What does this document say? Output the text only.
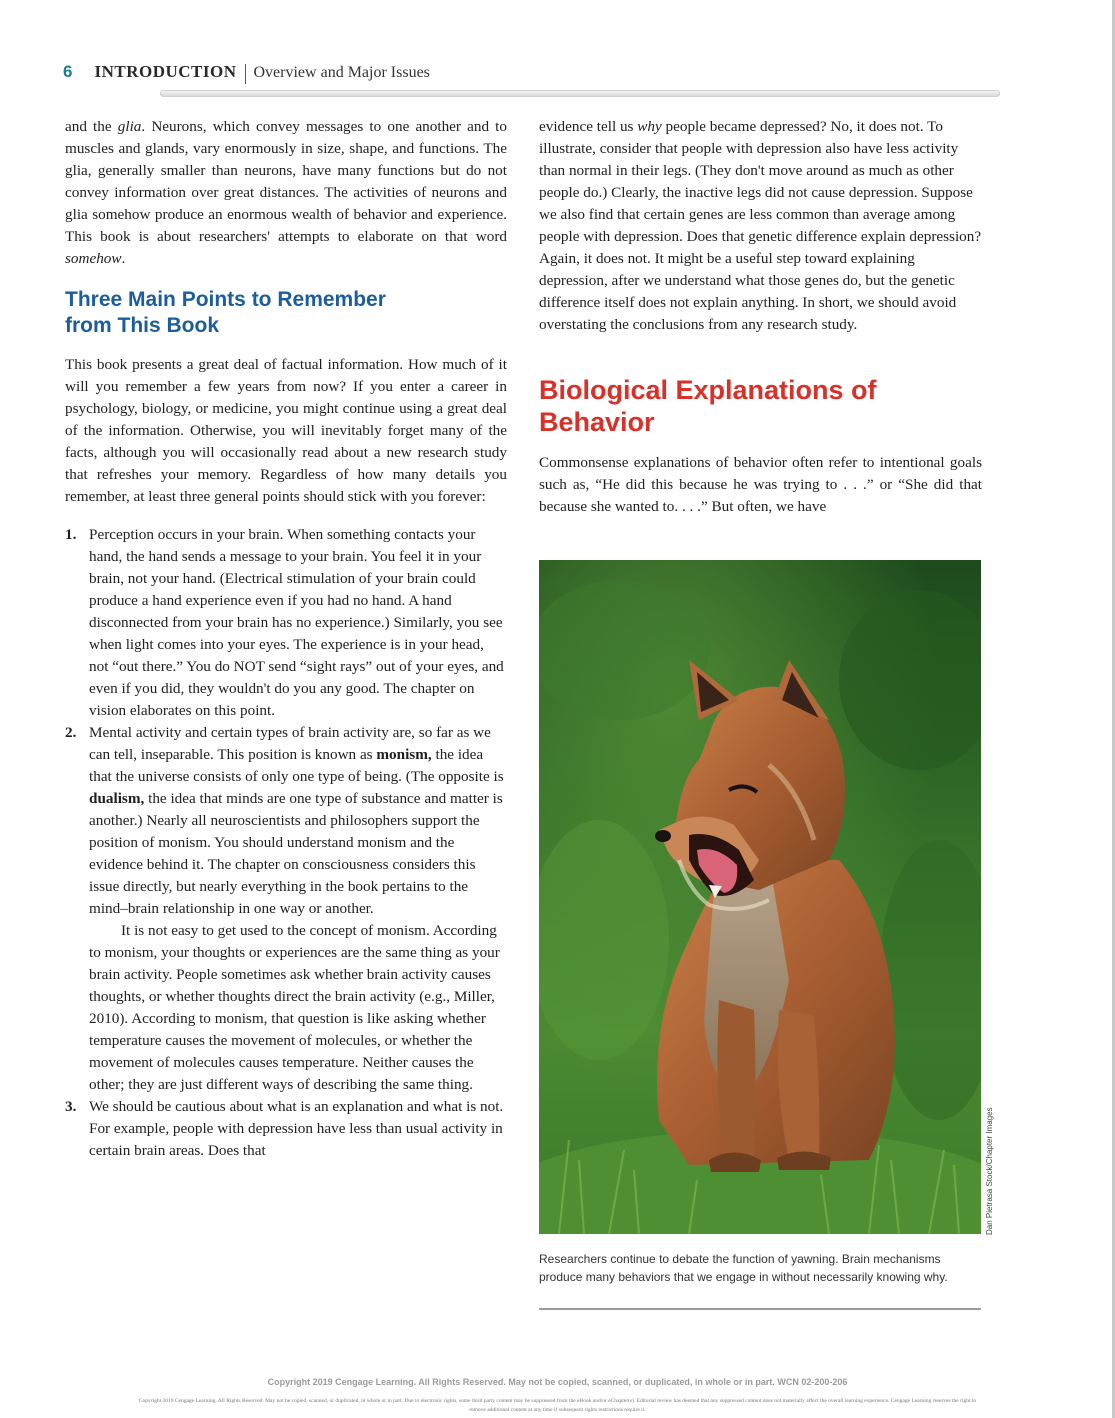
6 INTRODUCTION Overview and Major Issues

and the glia. Neurons, which convey messages to one another and to muscles and glands, vary enormously in size, shape, and functions. The glia, generally smaller than neurons, have many functions but do not convey information over great distances. The activities of neurons and glia somehow produce an enormous wealth of behavior and experience. This book is about researchers' attempts to elaborate on that word somehow.

Three Main Points to Remember from This Book

This book presents a great deal of factual information. How much of it will you remember a few years from now? If you enter a career in psychology, biology, or medicine, you might continue using a great deal of the information. Otherwise, you will inevitably forget many of the facts, although you will occasionally read about a new research study that refreshes your memory. Regardless of how many details you remember, at least three general points should stick with you forever:

1. Perception occurs in your brain. When something contacts your hand, the hand sends a message to your brain. You feel it in your brain, not your hand. (Electrical stimulation of your brain could produce a hand experience even if you had no hand. A hand disconnected from your brain has no experience.) Similarly, you see when light comes into your eyes. The experience is in your head, not “out there.” You do NOT send “sight rays” out of your eyes, and even if you did, they wouldn't do you any good. The chapter on vision elaborates on this point.

2. Mental activity and certain types of brain activity are, so far as we can tell, inseparable. This position is known as monism, the idea that the universe consists of only one type of being. (The opposite is dualism, the idea that minds are one type of substance and matter is another.) Nearly all neuroscientists and philosophers support the position of monism. You should understand monism and the evidence behind it. The chapter on consciousness considers this issue directly, but nearly everything in the book pertains to the mind–brain relationship in one way or another.

It is not easy to get used to the concept of monism. According to monism, your thoughts or experiences are the same thing as your brain activity. People sometimes ask whether brain activity causes thoughts, or whether thoughts direct the brain activity (e.g., Miller, 2010). According to monism, that question is like asking whether temperature causes the movement of molecules, or whether the movement of molecules causes temperature. Neither causes the other; they are just different ways of describing the same thing.

3. We should be cautious about what is an explanation and what is not. For example, people with depression have less than usual activity in certain brain areas. Does that

evidence tell us why people became depressed? No, it does not. To illustrate, consider that people with depression also have less activity than normal in their legs. (They don't move around as much as other people do.) Clearly, the inactive legs did not cause depression. Suppose we also find that certain genes are less common than average among people with depression. Does that genetic difference explain depression? Again, it does not. It might be a useful step toward explaining depression, after we understand what those genes do, but the genetic difference itself does not explain anything. In short, we should avoid overstating the conclusions from any research study.

Biological Explanations of Behavior

Commonsense explanations of behavior often refer to intentional goals such as, “He did this because he was trying to . . .” or “She did that because she wanted to. . . .” But often, we have

Dan Pietrasa Stock/Chapter Images
Researchers continue to debate the function of yawning. Brain mechanisms produce many behaviors that we engage in without necessarily knowing why.
Copyright 2019 Cengage Learning. All Rights Reserved. May not be copied, scanned, or duplicated, in whole or in part. WCN 02-200-206
Copyright 2019 Cengage Learning. All Rights Reserved. May not be copied, scanned, or duplicated, in whole or in part. Due to electronic rights, some third party content may be suppressed from the eBook and/or eChapter(s). Editorial review has deemed that any suppressed content does not materially affect the overall learning experience. Cengage Learning reserves the right to remove additional content at any time if subsequent rights restrictions require it.
